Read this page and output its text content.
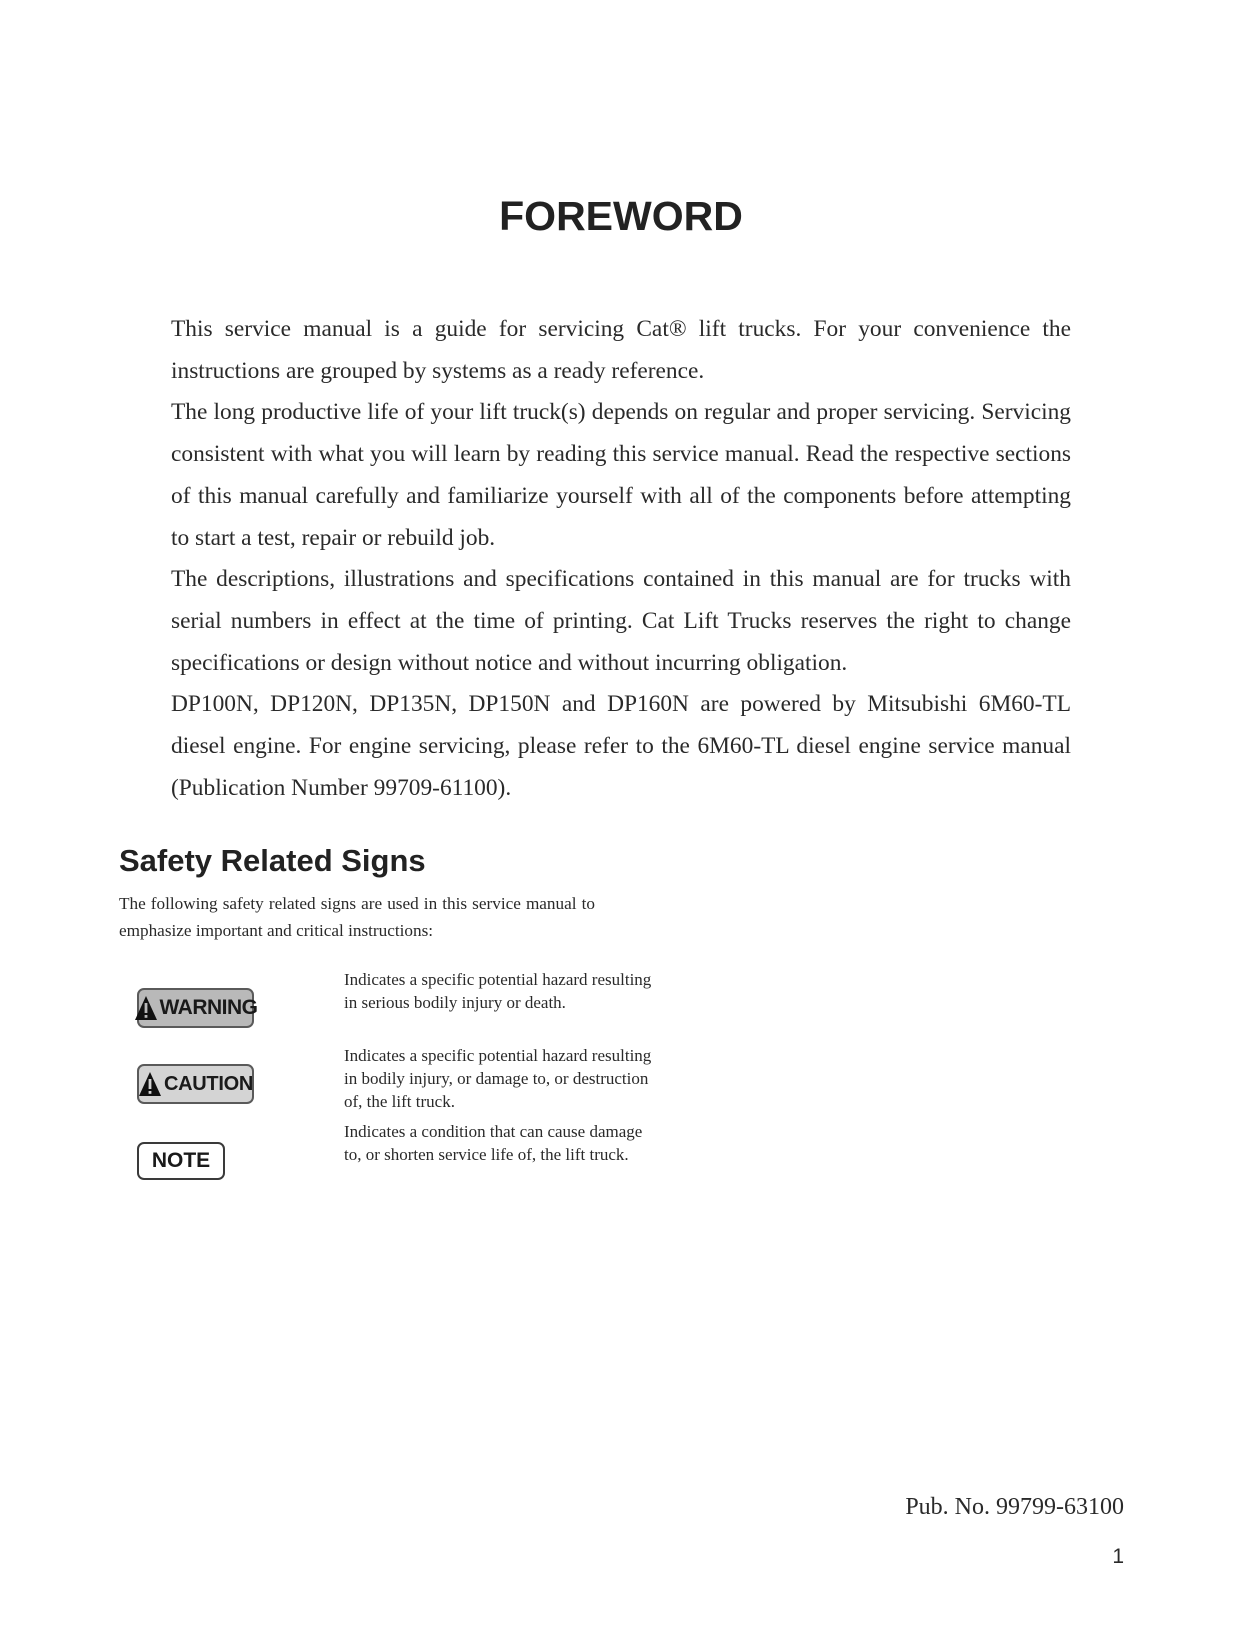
FOREWORD

This service manual is a guide for servicing Cat® lift trucks. For your convenience the instructions are grouped by systems as a ready reference.

The long productive life of your lift truck(s) depends on regular and proper servicing. Servicing consistent with what you will learn by reading this service manual. Read the respective sections of this manual carefully and familiarize yourself with all of the components before attempting to start a test, repair or rebuild job.

The descriptions, illustrations and specifications contained in this manual are for trucks with serial numbers in effect at the time of printing. Cat Lift Trucks reserves the right to change specifications or design without notice and without incurring obligation.

DP100N, DP120N, DP135N, DP150N and DP160N are powered by Mitsubishi 6M60-TL diesel engine. For engine servicing, please refer to the 6M60-TL diesel engine service manual (Publication Number 99709-61100).

Safety Related Signs
The following safety related signs are used in this service manual to emphasize important and critical instructions:
WARNING
Indicates a specific potential hazard resulting in serious bodily injury or death.
CAUTION
Indicates a specific potential hazard resulting in bodily injury, or damage to, or destruction of, the lift truck.
NOTE
Indicates a condition that can cause damage to, or shorten service life of, the lift truck.
Pub. No. 99799-63100
1
